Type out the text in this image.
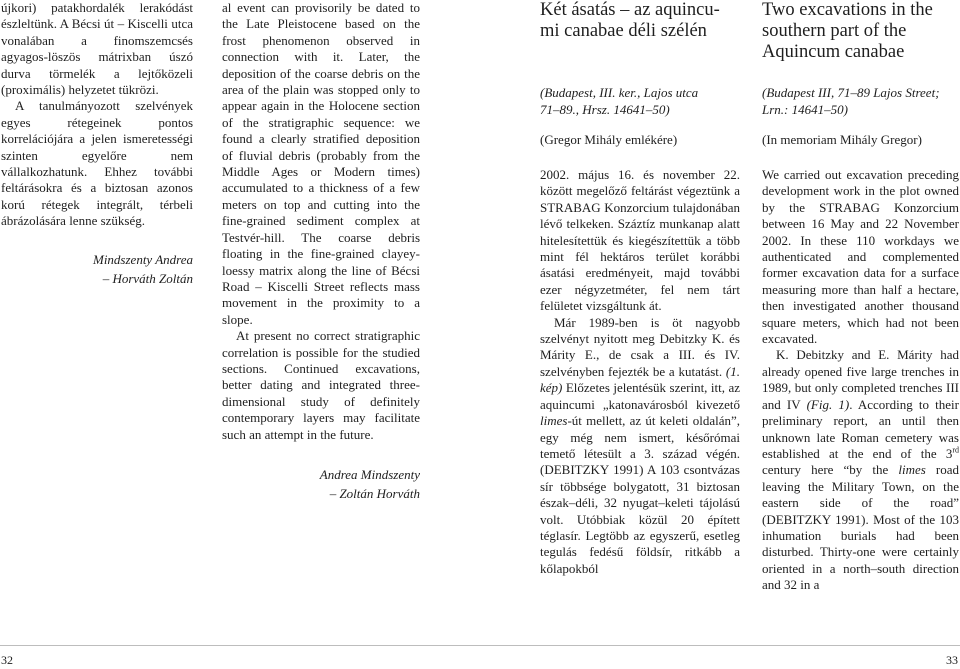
újkori) patakhordalék lerakódást észleltünk. A Bécsi út – Kiscelli utca vonalában a finomszemcsés agyagos-löszös mátrixban úszó durva törmelék a lejtőközeli (proximális) helyzetet tükrözi.

A tanulmányozott szelvények egyes rétegeinek pontos korrelációjára a jelen ismeretességi szinten egyelőre nem vállalkozhatunk. Ehhez további feltárásokra és a biztosan azonos korú rétegek integrált, térbeli ábrázolására lenne szükség.

Mindszenty Andrea

– Horváth Zoltán

al event can provisorily be dated to the Late Pleistocene based on the frost phenomenon observed in connection with it. Later, the deposition of the coarse debris on the area of the plain was stopped only to appear again in the Holocene section of the stratigraphic sequence: we found a clearly stratified deposition of fluvial debris (probably from the Middle Ages or Modern times) accumulated to a thickness of a few meters on top and cutting into the fine-grained sediment complex at Testvér-hill. The coarse debris floating in the fine-grained clayey-loessy matrix along the line of Bécsi Road – Kiscelli Street reflects mass movement in the proximity to a slope.

At present no correct stratigraphic correlation is possible for the studied sections. Continued excavations, better dating and integrated three-dimensional study of definitely contemporary layers may facilitate such an attempt in the future.

Andrea Mindszenty

– Zoltán Horváth

Két ásatás – az aquincu-
mi canabae déli szélén

(Budapest, III. ker., Lajos utca

71–89., Hrsz. 14641–50)

(Gregor Mihály emlékére)

2002. május 16. és november 22. között megelőző feltárást végeztünk a STRABAG Konzorcium tulajdonában lévő telkeken. Száztíz munkanap alatt hitelesítettük és kiegészítettük a több mint fél hektáros terület korábbi ásatási eredményeit, majd további ezer négyzetméter, fel nem tárt felületet vizsgáltunk át.

Már 1989-ben is öt nagyobb szelvényt nyitott meg Debitzky K. és Márity E., de csak a III. és IV. szelvényben fejezték be a kutatást. (1. kép) Előzetes jelentésük szerint, itt, az aquincumi „katonavárosból kivezető limes-út mellett, az út keleti oldalán”, egy még nem ismert, későrómai temető létesült a 3. század végén. (DEBITZKY 1991) A 103 csontvázas sír többsége bolygatott, 31 biztosan észak–déli, 32 nyugat–keleti tájolású volt. Utóbbiak közül 20 épített téglasír. Legtöbb az egyszerű, esetleg tegulás fedésű földsír, ritkább a kőlapokból

Two excavations in the
southern part of the
Aquincum canabae

(Budapest III, 71–89 Lajos Street;

Lrn.: 14641–50)

(In memoriam Mihály Gregor)

We carried out excavation preceding development work in the plot owned by the STRABAG Konzorcium between 16 May and 22 November 2002. In these 110 workdays we authenticated and complemented former excavation data for a surface measuring more than half a hectare, then investigated another thousand square meters, which had not been excavated.

K. Debitzky and E. Márity had already opened five large trenches in 1989, but only completed trenches III and IV (Fig. 1). According to their preliminary report, an until then unknown late Roman cemetery was established at the end of the 3rd century here “by the limes road leaving the Military Town, on the eastern side of the road” (DEBITZKY 1991). Most of the 103 inhumation burials had been disturbed. Thirty-one were certainly oriented in a north–south direction and 32 in a

32	33
